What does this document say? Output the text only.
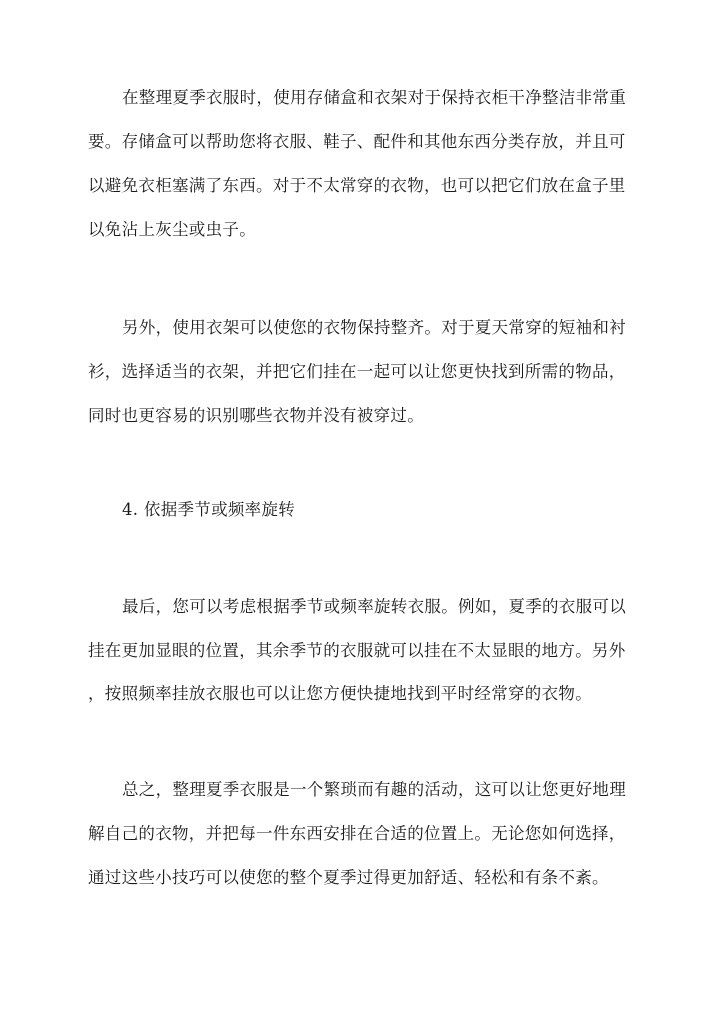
在整理夏季衣服时，使用存储盒和衣架对于保持衣柜干净整洁非常重
要。存储盒可以帮助您将衣服、鞋子、配件和其他东西分类存放，并且可
以避免衣柜塞满了东西。对于不太常穿的衣物，也可以把它们放在盒子里
以免沾上灰尘或虫子。
另外，使用衣架可以使您的衣物保持整齐。对于夏天常穿的短袖和衬
衫，选择适当的衣架，并把它们挂在一起可以让您更快找到所需的物品，
同时也更容易的识别哪些衣物并没有被穿过。
4. 依据季节或频率旋转
最后，您可以考虑根据季节或频率旋转衣服。例如，夏季的衣服可以
挂在更加显眼的位置，其余季节的衣服就可以挂在不太显眼的地方。另外
，按照频率挂放衣服也可以让您方便快捷地找到平时经常穿的衣物。
总之，整理夏季衣服是一个繁琐而有趣的活动，这可以让您更好地理
解自己的衣物，并把每一件东西安排在合适的位置上。无论您如何选择，
通过这些小技巧可以使您的整个夏季过得更加舒适、轻松和有条不紊。
